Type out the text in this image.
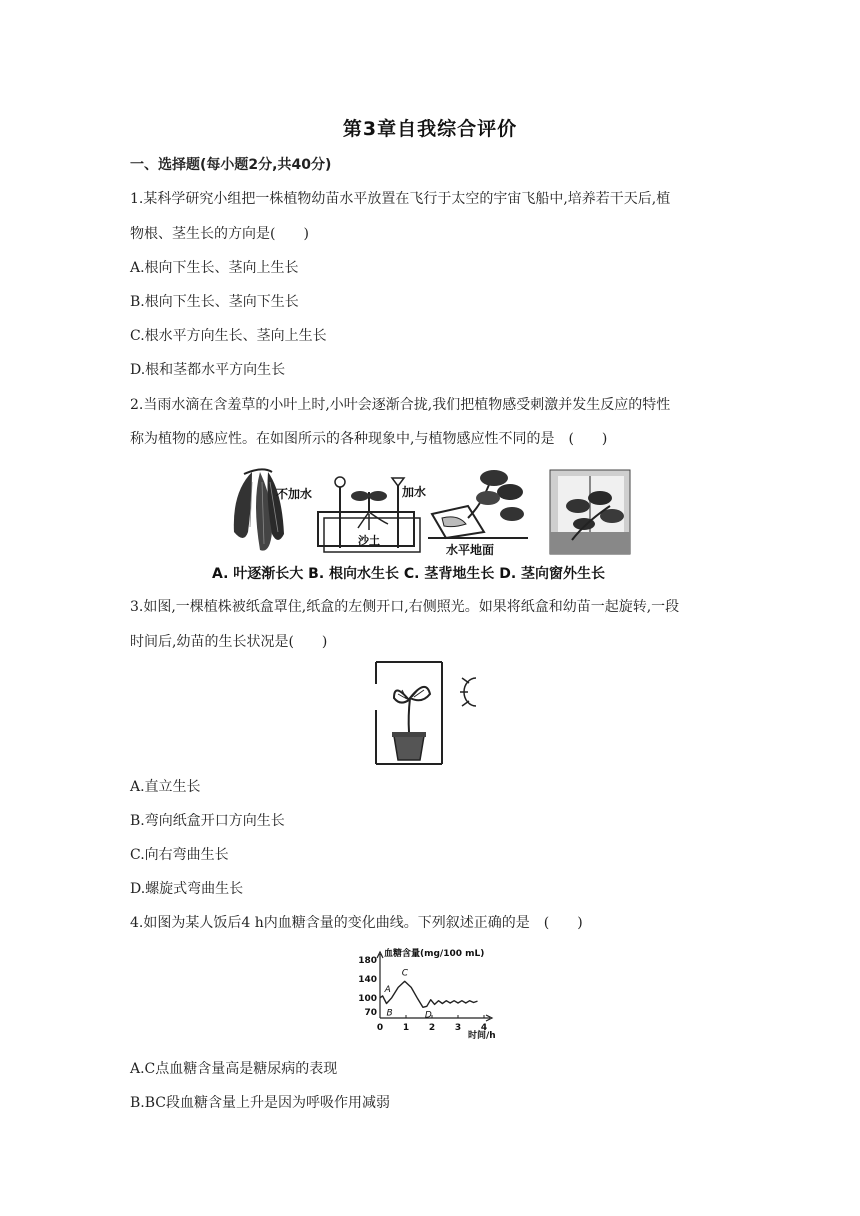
第3章自我综合评价
一、选择题(每小题2分,共40分)
1.某科学研究小组把一株植物幼苗水平放置在飞行于太空的宇宙飞船中,培养若干天后,植
物根、茎生长的方向是(　　)
A.根向下生长、茎向上生长
B.根向下生长、茎向下生长
C.根水平方向生长、茎向上生长
D.根和茎都水平方向生长
2.当雨水滴在含羞草的小叶上时,小叶会逐渐合拢,我们把植物感受刺激并发生反应的特性
称为植物的感应性。在如图所示的各种现象中,与植物感应性不同的是　(　　)
不加水	加水
沙土
水平地面
A. 叶逐渐长大 B. 根向水生长 C. 茎背地生长 D. 茎向窗外生长
3.如图,一棵植株被纸盒罩住,纸盒的左侧开口,右侧照光。如果将纸盒和幼苗一起旋转,一段
时间后,幼苗的生长状况是(　　)
A.直立生长
B.弯向纸盒开口方向生长
C.向右弯曲生长
D.螺旋式弯曲生长
4.如图为某人饭后4 h内血糖含量的变化曲线。下列叙述正确的是　(　　)
血糖含量(mg/100 mL)
时间/h
70
100
140
180
0 1 2 3 4
A
B
C
D
A.C点血糖含量高是糖尿病的表现
B.BC段血糖含量上升是因为呼吸作用减弱
